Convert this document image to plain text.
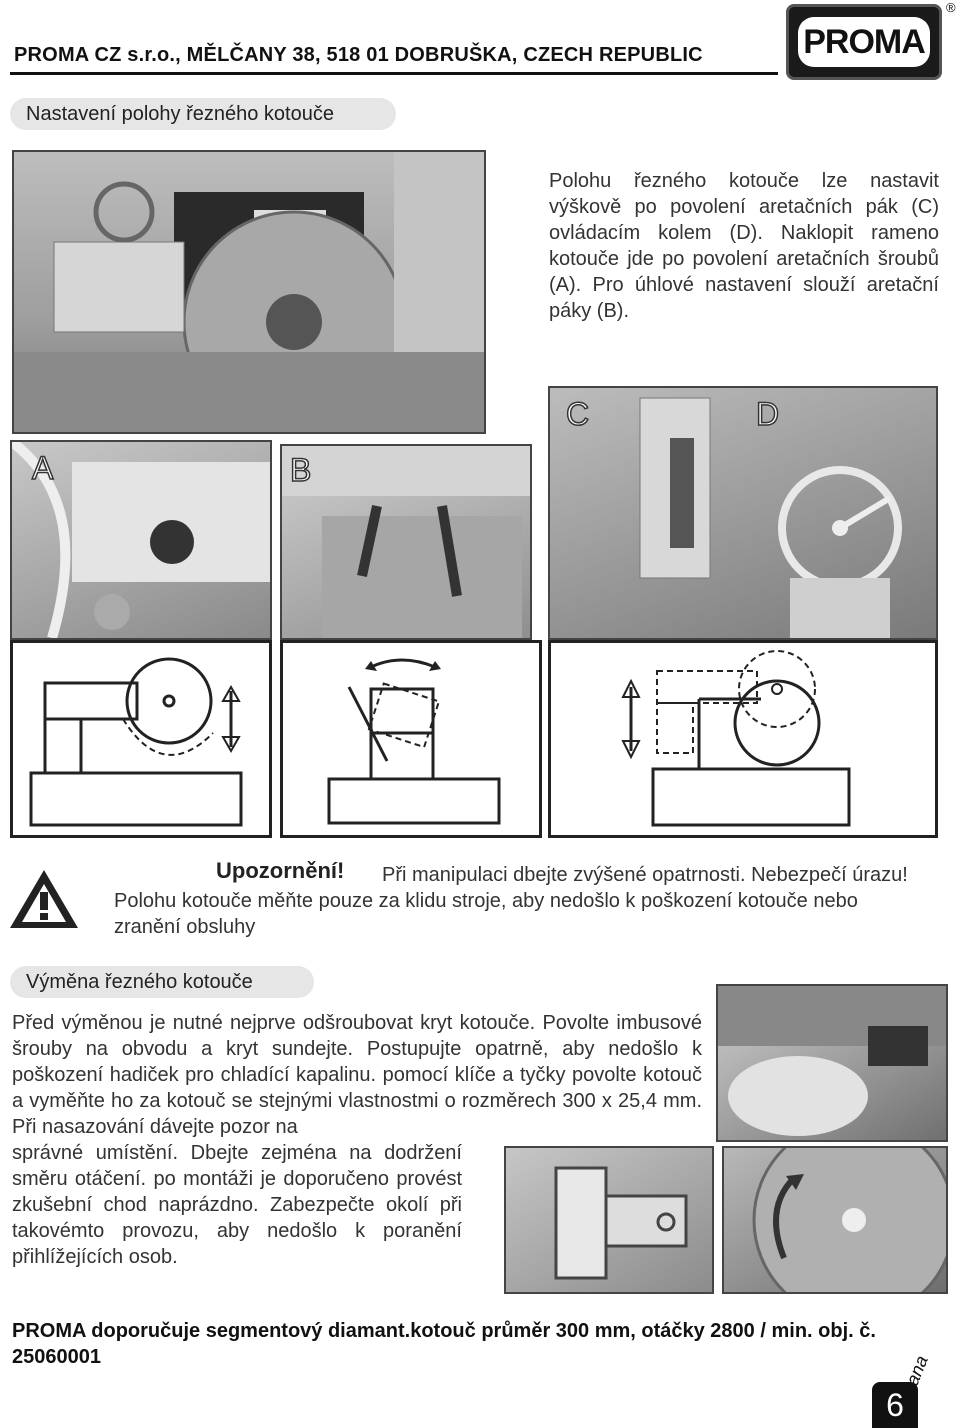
PROMA CZ s.r.o., MĚLČANY 38, 518 01 DOBRUŠKA, CZECH REPUBLIC	PROMA
®
Nastavení polohy řezného kotouče
Polohu řezného kotouče lze nastavit výškově po povolení aretačních pák (C) ovládacím kolem (D). Naklopit rameno kotouče jde po povolení aretačních šroubů (A). Pro úhlové nastavení slouží aretační páky (B).
C	D
A	B
Upozornění!	Při manipulaci dbejte zvýšené opatrnosti. Nebezpečí úrazu! Polohu kotouče měňte pouze za klidu stroje, aby nedošlo k poškození kotouče nebo zranění obsluhy
Výměna řezného kotouče
Před výměnou je nutné nejprve odšroubovat kryt kotouče. Povolte imbusové šrouby na obvodu a kryt sundejte. Postupujte opatrně, aby nedošlo k poškození hadiček pro chladící kapalinu. pomocí klíče a tyčky povolte kotouč a vyměňte ho za kotouč se stejnými vlastnostmi o rozměrech 300 x 25,4 mm. Při nasazování dávejte pozor na
správné umístění. Dbejte zejména na dodržení směru otáčení. po montáži je doporučeno provést zkušební chod naprázdno. Zabezpečte okolí při takovémto provozu, aby nedošlo k poranění přihlížejících osob.
PROMA doporučuje segmentový diamant.kotouč průměr 300 mm, otáčky 2800 / min. obj. č. 25060001
6
strana
